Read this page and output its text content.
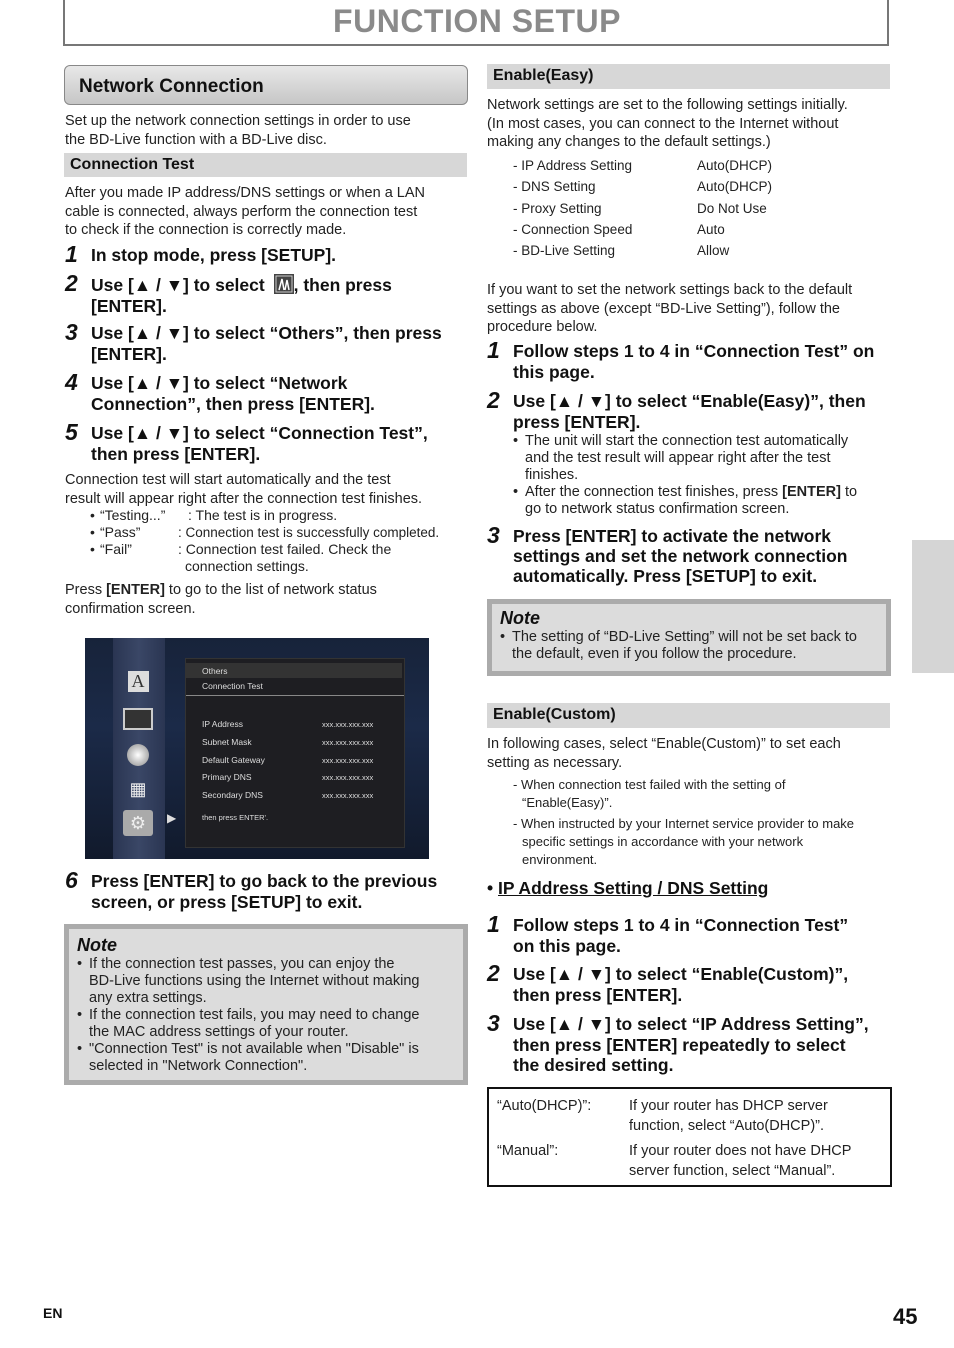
FUNCTION SETUP
Network Connection
Set up the network connection settings in order to use
the BD-Live function with a BD-Live disc.
Connection Test
After you made IP address/DNS settings or when a LAN
cable is connected, always perform the connection test
to check if the connection is correctly made.
1 In stop mode, press [SETUP].
2 Use [▲ / ▼] to select , then press
[ENTER].
3 Use [▲ / ▼] to select “Others”, then press
[ENTER].
4 Use [▲ / ▼] to select “Network
Connection”, then press [ENTER].
5 Use [▲ / ▼] to select “Connection Test”,
then press [ENTER].
Connection test will start automatically and the test
result will appear right after the connection test finishes.
• “Testing...”	: The test is in progress.
• “Pass”	: Connection test is successfully completed.
• “Fail”	: Connection test failed. Check the
connection settings.
Press [ENTER] to go to the list of network status
confirmation screen.
A
▦
⚙	▶
Others
Connection Test
IP Address	xxx.xxx.xxx.xxx
Subnet Mask	xxx.xxx.xxx.xxx
Default Gateway	xxx.xxx.xxx.xxx
Primary DNS	xxx.xxx.xxx.xxx
Secondary DNS	xxx.xxx.xxx.xxx
then press ENTER'.
6 Press [ENTER] to go back to the previous
screen, or press [SETUP] to exit.
Note
• If the connection test passes, you can enjoy the
BD-Live functions using the Internet without making
any extra settings.
• If the connection test fails, you may need to change
the MAC address settings of your router.
• "Connection Test" is not available when "Disable" is
selected in "Network Connection".
Enable(Easy)
Network settings are set to the following settings initially.
(In most cases, you can connect to the Internet without
making any changes to the default settings.)
- IP Address Setting	Auto(DHCP)
- DNS Setting	Auto(DHCP)
- Proxy Setting	Do Not Use
- Connection Speed	Auto
- BD-Live Setting	Allow
If you want to set the network settings back to the default
settings as above (except “BD-Live Setting”), follow the
procedure below.
1 Follow steps 1 to 4 in “Connection Test” on
this page.
2 Use [▲ / ▼] to select “Enable(Easy)”, then
press [ENTER].
• The unit will start the connection test automatically
and the test result will appear right after the test
finishes.
• After the connection test finishes, press [ENTER] to
go to network status confirmation screen.
3 Press [ENTER] to activate the network
settings and set the network connection
automatically. Press [SETUP] to exit.
Note
• The setting of “BD-Live Setting” will not be set back to
the default, even if you follow the procedure.
Enable(Custom)
In following cases, select “Enable(Custom)” to set each
setting as necessary.
- When connection test failed with the setting of
“Enable(Easy)”.
- When instructed by your Internet service provider to make
specific settings in accordance with your network
environment.
• IP Address Setting / DNS Setting
1 Follow steps 1 to 4 in “Connection Test”
on this page.
2 Use [▲ / ▼] to select “Enable(Custom)”,
then press [ENTER].
3 Use [▲ / ▼] to select “IP Address Setting”,
then press [ENTER] repeatedly to select
the desired setting.
“Auto(DHCP)”:	If your router has DHCP server
function, select “Auto(DHCP)”.
“Manual”:	If your router does not have DHCP
server function, select “Manual”.
EN	45
